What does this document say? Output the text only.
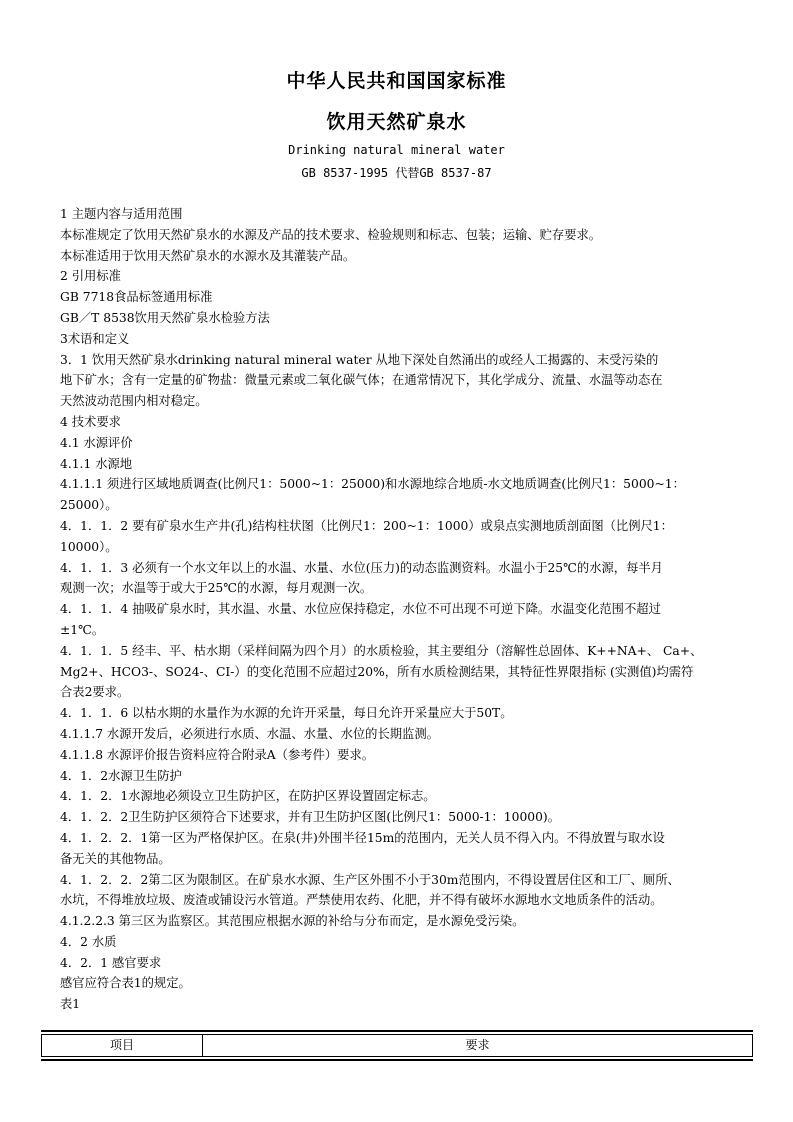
中华人民共和国国家标准
饮用天然矿泉水
Drinking natural mineral water
GB 8537-1995 代替GB 8537-87
1 主题内容与适用范围
本标准规定了饮用天然矿泉水的水源及产品的技术要求、检验规则和标志、包装；运输、贮存要求。
本标准适用于饮用天然矿泉水的水源水及其灌装产品。
2 引用标准
GB 7718食品标签通用标准
GB／T 8538饮用天然矿泉水检验方法
3术语和定义
3．1 饮用天然矿泉水drinking natural mineral water 从地下深处自然涌出的或经人工揭露的、末受污染的
地下矿水；含有一定量的矿物盐：微量元素或二氧化碳气体；在通常情况下，其化学成分、流量、水温等动态在
天然波动范围内相对稳定。
4 技术要求
4.1 水源评价
4.1.1 水源地
4.1.1.1 须进行区域地质调查(比例尺1：5000~1：25000)和水源地综合地质-水文地质调查(比例尺1：5000~1：
25000）。
4．1．1．2 要有矿泉水生产井(孔)结构柱状图（比例尺1：200~1：1000）或泉点实测地质剖面图（比例尺1：
10000）。
4．1．1．3 必须有一个水文年以上的水温、水量、水位(压力)的动态监测资料。水温小于25℃的水源，每半月
观测一次；水温等于或大于25℃的水源，每月观测一次。
4．1．1．4 抽吸矿泉水时，其水温、水量、水位应保持稳定，水位不可出现不可逆下降。水温变化范围不超过
±1℃。
4．1．1．5 经丰、平、枯水期（采样间隔为四个月）的水质检验，其主要组分（溶解性总固体、K++NA+、 Ca+、
Mg2+、HCO3-、SO24-、CI-）的变化范围不应超过20%，所有水质检测结果，其特征性界限指标 (实测值)均需符
合表2要求。
4．1．1．6 以枯水期的水量作为水源的允许开采量，每日允许开采量应大于50T。
4.1.1.7 水源开发后，必须进行水质、水温、水量、水位的长期监测。
4.1.1.8 水源评价报告资料应符合附录A（参考件）要求。
4．1．2水源卫生防护
4．1．2．1水源地必须设立卫生防护区，在防护区界设置固定标志。
4．1．2．2卫生防护区须符合下述要求，并有卫生防护区图(比例尺1：5000-1：10000)。
4．1．2．2．1第一区为严格保护区。在泉(井)外围半径15m的范围内，无关人员不得入内。不得放置与取水设
备无关的其他物品。
4．1．2．2．2第二区为限制区。在矿泉水水源、生产区外围不小于30m范围内，不得设置居住区和工厂、厕所、
水坑，不得堆放垃圾、废渣或铺设污水管道。严禁使用农药、化肥，并不得有破坏水源地水文地质条件的活动。
4.1.2.2.3 第三区为监察区。其范围应根据水源的补给与分布而定，是水源免受污染。
4．2 水质
4．2．1 感官要求
感官应符合表1的规定。
表1
项目	要求
